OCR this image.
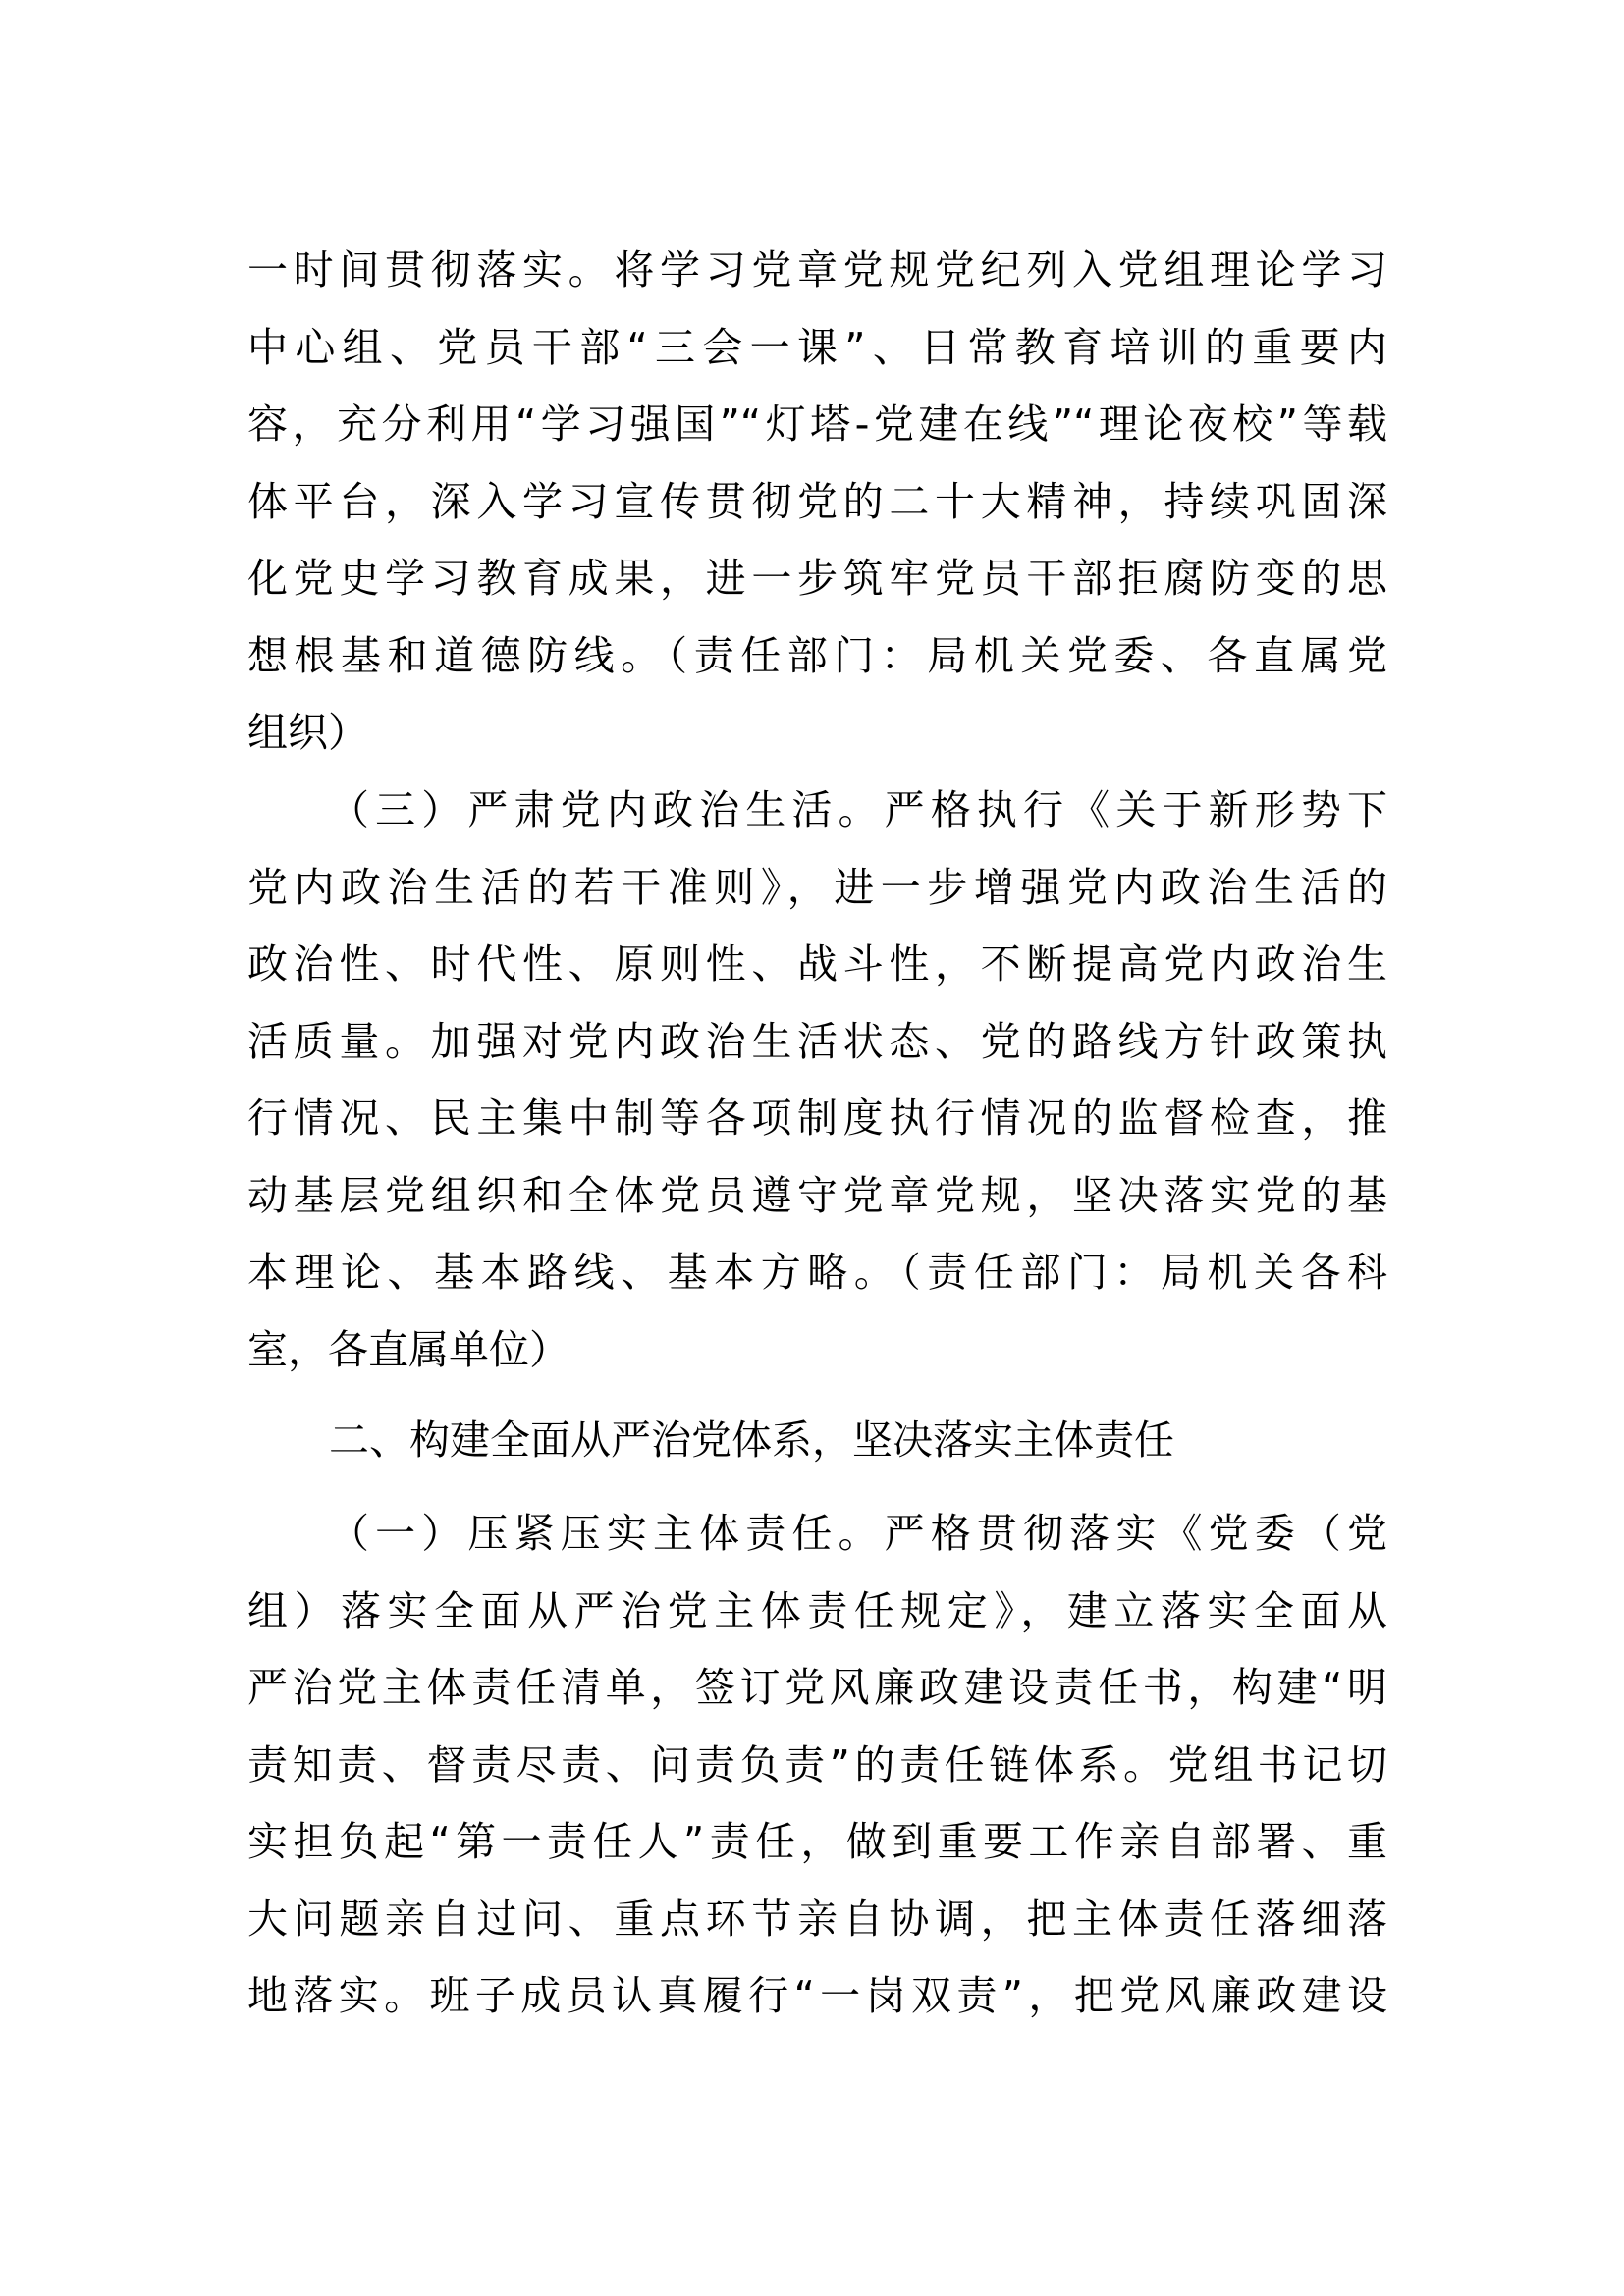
一时间贯彻落实。将学习党章党规党纪列入党组理论学习
中心组、党员干部“三会一课”、日常教育培训的重要内
容，充分利用“学习强国”“灯塔-党建在线”“理论夜校”等载
体平台，深入学习宣传贯彻党的二十大精神，持续巩固深
化党史学习教育成果，进一步筑牢党员干部拒腐防变的思
想根基和道德防线。（责任部门：局机关党委、各直属党
组织）
（三）严肃党内政治生活。严格执行《关于新形势下
党内政治生活的若干准则》，进一步增强党内政治生活的
政治性、时代性、原则性、战斗性，不断提高党内政治生
活质量。加强对党内政治生活状态、党的路线方针政策执
行情况、民主集中制等各项制度执行情况的监督检查，推
动基层党组织和全体党员遵守党章党规，坚决落实党的基
本理论、基本路线、基本方略。（责任部门：局机关各科
室，各直属单位）
二、构建全面从严治党体系，坚决落实主体责任
（一）压紧压实主体责任。严格贯彻落实《党委（党
组）落实全面从严治党主体责任规定》，建立落实全面从
严治党主体责任清单，签订党风廉政建设责任书，构建“明
责知责、督责尽责、问责负责”的责任链体系。党组书记切
实担负起“第一责任人”责任，做到重要工作亲自部署、重
大问题亲自过问、重点环节亲自协调，把主体责任落细落
地落实。班子成员认真履行“一岗双责”，把党风廉政建设
